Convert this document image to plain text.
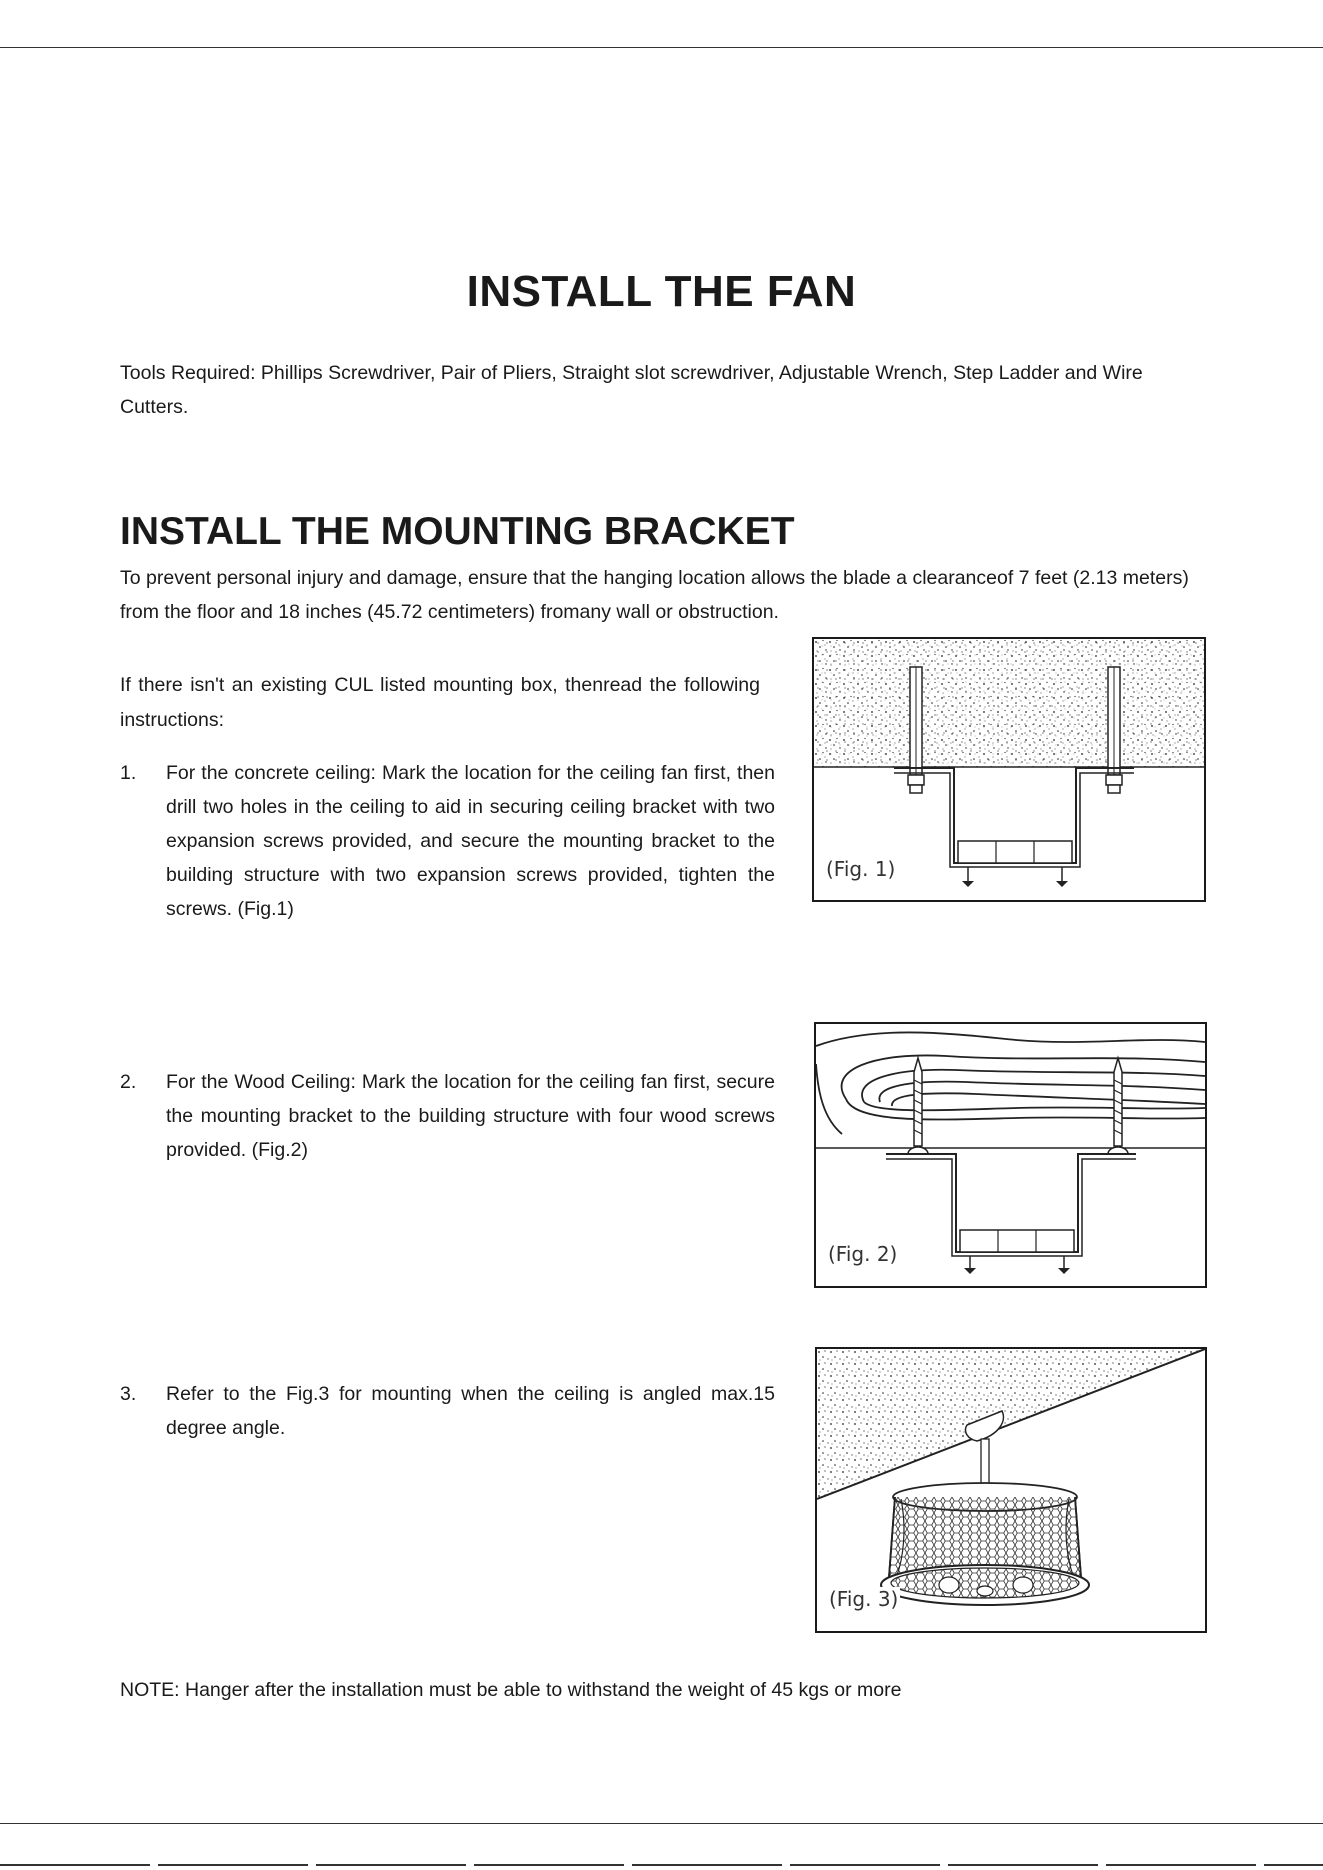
INSTALL THE FAN

Tools Required: Phillips Screwdriver, Pair of Pliers, Straight slot screwdriver, Adjustable Wrench, Step Ladder and Wire Cutters.

INSTALL THE MOUNTING BRACKET

To prevent personal injury and damage, ensure that the hanging location allows the blade a clearanceof 7 feet (2.13 meters) from the floor and 18 inches (45.72 centimeters) fromany wall or obstruction.

If there isn't an existing CUL listed mounting box, thenread the following instructions:

1. For the concrete ceiling: Mark the location for the ceiling fan first, then drill two holes in the ceiling to aid in securing ceiling bracket with two expansion screws provided, and secure the mounting bracket to the building structure with two expansion screws provided, tighten the screws. (Fig.1)
2. For the Wood Ceiling: Mark the location for the ceiling fan first, secure the mounting bracket to the building structure with four wood screws provided. (Fig.2)
3. Refer to the Fig.3 for mounting when the ceiling is angled max.15 degree angle.
(Fig. 1)
(Fig. 2)
(Fig. 3)

NOTE: Hanger after the installation must be able to withstand the weight of 45 kgs or more
